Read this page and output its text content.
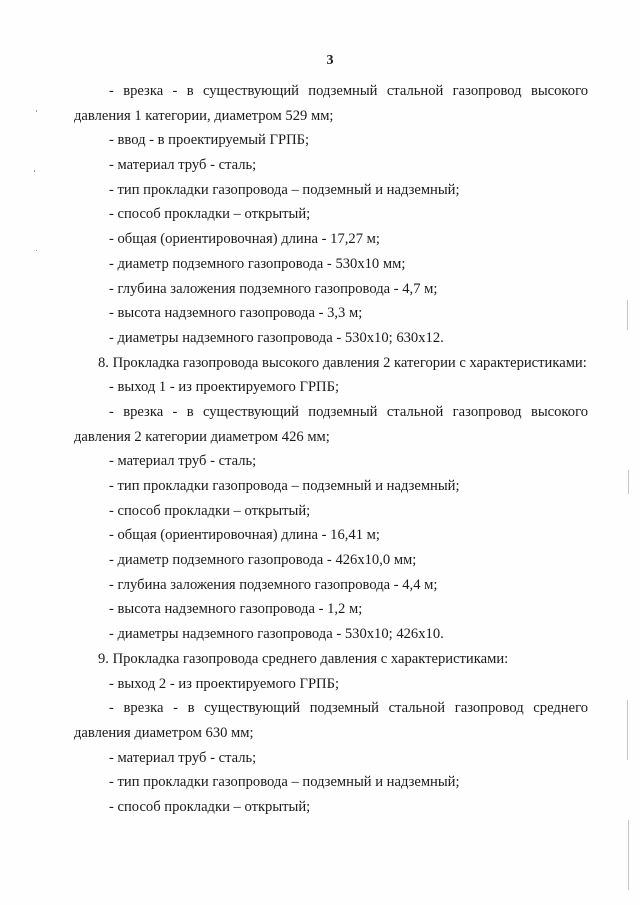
3
- врезка - в существующий подземный стальной газопровод высокого
давления 1 категории, диаметром 529 мм;
- ввод - в проектируемый ГРПБ;
- материал труб - сталь;
- тип прокладки газопровода – подземный и надземный;
- способ прокладки – открытый;
- общая (ориентировочная) длина - 17,27 м;
- диаметр подземного газопровода - 530х10 мм;
- глубина заложения подземного газопровода - 4,7 м;
- высота надземного газопровода - 3,3 м;
- диаметры надземного газопровода - 530х10; 630х12.
8. Прокладка газопровода высокого давления 2 категории с характеристиками:
- выход 1 - из проектируемого ГРПБ;
- врезка - в существующий подземный стальной газопровод высокого
давления 2 категории диаметром 426 мм;
- материал труб - сталь;
- тип прокладки газопровода – подземный и надземный;
- способ прокладки – открытый;
- общая (ориентировочная) длина - 16,41 м;
- диаметр подземного газопровода - 426х10,0 мм;
- глубина заложения подземного газопровода - 4,4 м;
- высота надземного газопровода - 1,2 м;
- диаметры надземного газопровода - 530х10; 426х10.
9. Прокладка газопровода среднего давления с характеристиками:
- выход 2 - из проектируемого ГРПБ;
- врезка - в существующий подземный стальной газопровод среднего
давления диаметром 630 мм;
- материал труб - сталь;
- тип прокладки газопровода – подземный и надземный;
- способ прокладки – открытый;
